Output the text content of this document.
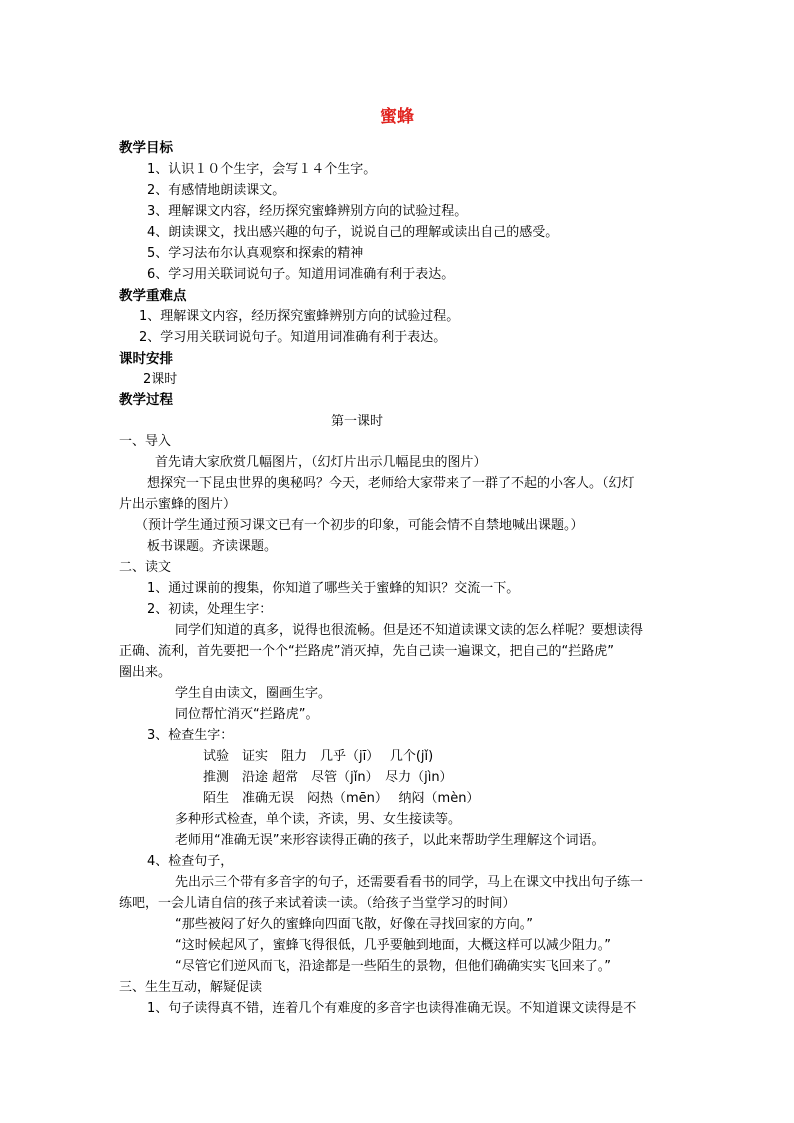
蜜蜂
教学目标
1、认识１０个生字，会写１４个生字。
2、有感情地朗读课文。
3、理解课文内容，经历探究蜜蜂辨别方向的试验过程。
4、朗读课文，找出感兴趣的句子，说说自己的理解或读出自己的感受。
5、学习法布尔认真观察和探索的精神
6、学习用关联词说句子。知道用词准确有利于表达。
教学重难点
1、理解课文内容，经历探究蜜蜂辨别方向的试验过程。
2、学习用关联词说句子。知道用词准确有利于表达。
课时安排
2课时
教学过程
第一课时
一、导入
首先请大家欣赏几幅图片，（幻灯片出示几幅昆虫的图片）
想探究一下昆虫世界的奥秘吗？今天，老师给大家带来了一群了不起的小客人。（幻灯
片出示蜜蜂的图片）
（预计学生通过预习课文已有一个初步的印象，可能会情不自禁地喊出课题。）
板书课题。齐读课题。
二、读文
1、通过课前的搜集，你知道了哪些关于蜜蜂的知识？交流一下。
2、初读，处理生字：
同学们知道的真多，说得也很流畅。但是还不知道读课文读的怎么样呢？要想读得
正确、流利，首先要把一个个“拦路虎”消灭掉，先自己读一遍课文，把自己的“拦路虎”
圈出来。
学生自由读文，圈画生字。
同位帮忙消灭“拦路虎”。
3、检查生字：
试验　证实　阻力　几乎（jī）　 几个(jǐ)
推测　沿途 超常　尽管（jǐn）　尽力（jìn）
陌生　准确无误　闷热（mēn）　 纳闷（mèn）
多种形式检查，单个读，齐读，男、女生接读等。
老师用“准确无误”来形容读得正确的孩子，以此来帮助学生理解这个词语。
4、检查句子，
先出示三个带有多音字的句子，还需要看看书的同学，马上在课文中找出句子练一
练吧，一会儿请自信的孩子来试着读一读。（给孩子当堂学习的时间）
“那些被闷了好久的蜜蜂向四面飞散，好像在寻找回家的方向。”
“这时候起风了，蜜蜂飞得很低，几乎要触到地面，大概这样可以减少阻力。”
“尽管它们逆风而飞，沿途都是一些陌生的景物，但他们确确实实飞回来了。”
三、生生互动，解疑促读
1、句子读得真不错，连着几个有难度的多音字也读得准确无误。不知道课文读得是不
